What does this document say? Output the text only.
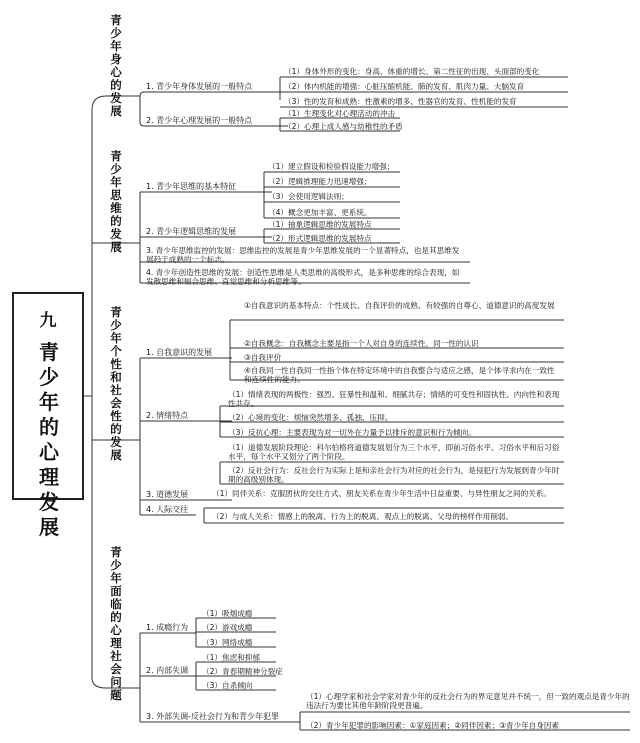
九
青少年的心理发展
青少年身心的发展
青少年思维的发展
青少年个性和社会性的发展
青少年面临的心理社会问题
1. 青少年身体发展的一般特点
2. 青少年心理发展的一般特点
（1）身体外形的变化：身高、体重的增长、第二性征的出现、头面部的变化
（2）体内机能的增强：心脏压缩机能、肺的发育、肌肉力量、大脑发育
（3）性的发育和成熟：性激素的增多、性器官的发育、性机能的发育
（1）生理变化对心理活动的冲击
（2）心理上成人感与幼稚性的矛盾
1. 青少年思维的基本特征
2. 青少年逻辑思维的发展
3. 青少年思维监控的发展：思维监控的发展是青少年思维发展的一个显著特点，也是其思维发展趋于成熟的一个标志。
4. 青少年创造性思维的发展：创造性思维是人类思维的高级形式，是多种思维的综合表现，如发散思维和辐合思维、直觉思维和分析思维等。
（1）建立假设和检验假设能力增强；
（2）逻辑推理能力迅速增强；
（3）会使用逻辑法则；
（4）概念更加丰富、更系统。
（1）抽象逻辑思维的发展特点
（2）形式逻辑思维的发展特点
1. 自我意识的发展
2. 情绪特点
3. 道德发展
4. 人际交往
①自我意识的基本特点：个性成长、自我评价的成熟、有较强的自尊心、道德意识的高度发展
②自我概念：自我概念主要是指一个人对自身的连续性、同一性的认识
③自我评价
④自我同一性自我同一性指个体在特定环境中的自我整合与适应之感，是个体寻求内在一致性和连续性的能力。
（1）情绪表现的两极性：强烈、狂暴性和温和、细腻共存；情绪的可变性和固执性、内向性和表现性共存。
（2）心境的变化：烦恼突然增多、孤独、压抑。
（3）反抗心理：主要表现为对一切外在力量予以排斥的意识和行为倾向。
（1）道德发展阶段理论：科尔伯格将道德发展划分为三个水平，即前习俗水平、习俗水平和后习俗水平，每个水平又划分了两个阶段。
（2）反社会行为：反社会行为实际上是和亲社会行为对应的社会行为，是侵犯行为发展到青少年时期的高级别体现。
（1）同伴关系：克服团伙的交往方式、朋友关系在青少年生活中日益重要、与异性朋友之间的关系。
（2）与成人关系：情感上的脱离、行为上的脱离、观点上的脱离、父母的榜样作用削弱。
1. 成瘾行为
2. 内部失调
3. 外部失调-反社会行为和青少年犯罪
（1）吸烟成瘾
（2）游戏成瘾
（3）网络成瘾
（1）焦虑和抑郁
（2）青春期精神分裂症
（3）自杀倾向
（1）心理学家和社会学家对青少年的反社会行为的界定意见并不统一，但一致的观点是青少年的违法行为要比其他年龄阶段更普遍。
（2）青少年犯罪的影响因素：①家庭因素；②同伴因素；③青少年自身因素
